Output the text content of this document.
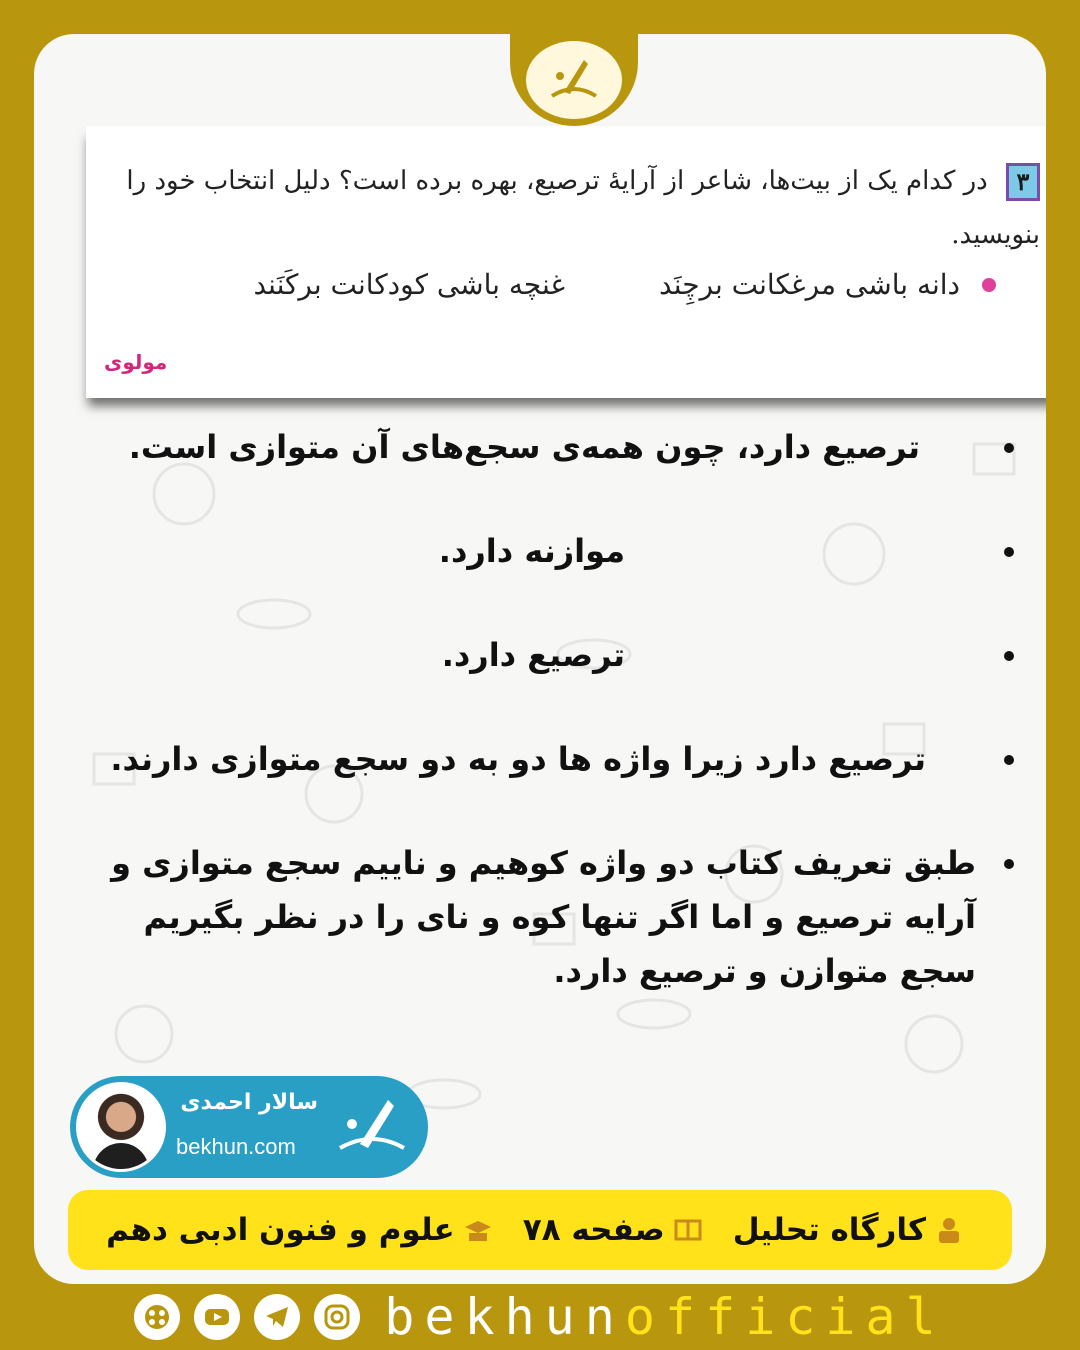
۳ در کدام یک از بیت‌ها، شاعر از آرایهٔ ترصیع، بهره برده است؟ دلیل انتخاب خود را بنویسید.
دانه باشی مرغکانت برچِنَد
غنچه باشی کودکانت برکَنَند
مولوی
ترصیع دارد، چون همه‌ی سجع‌های آن متوازی است.
موازنه دارد.
ترصیع دارد.
ترصیع دارد زیرا واژه ها دو به دو سجع متوازی دارند.
طبق تعریف کتاب دو واژه کوهیم و ناییم سجع متوازی و آرایه ترصیع و اما اگر تنها کوه و نای را در نظر بگیریم سجع متوازن و ترصیع دارد.
سالار احمدی
bekhun.com
کارگاه تحلیل
صفحه ۷۸
علوم و فنون ادبی دهم
bekhunofficial
